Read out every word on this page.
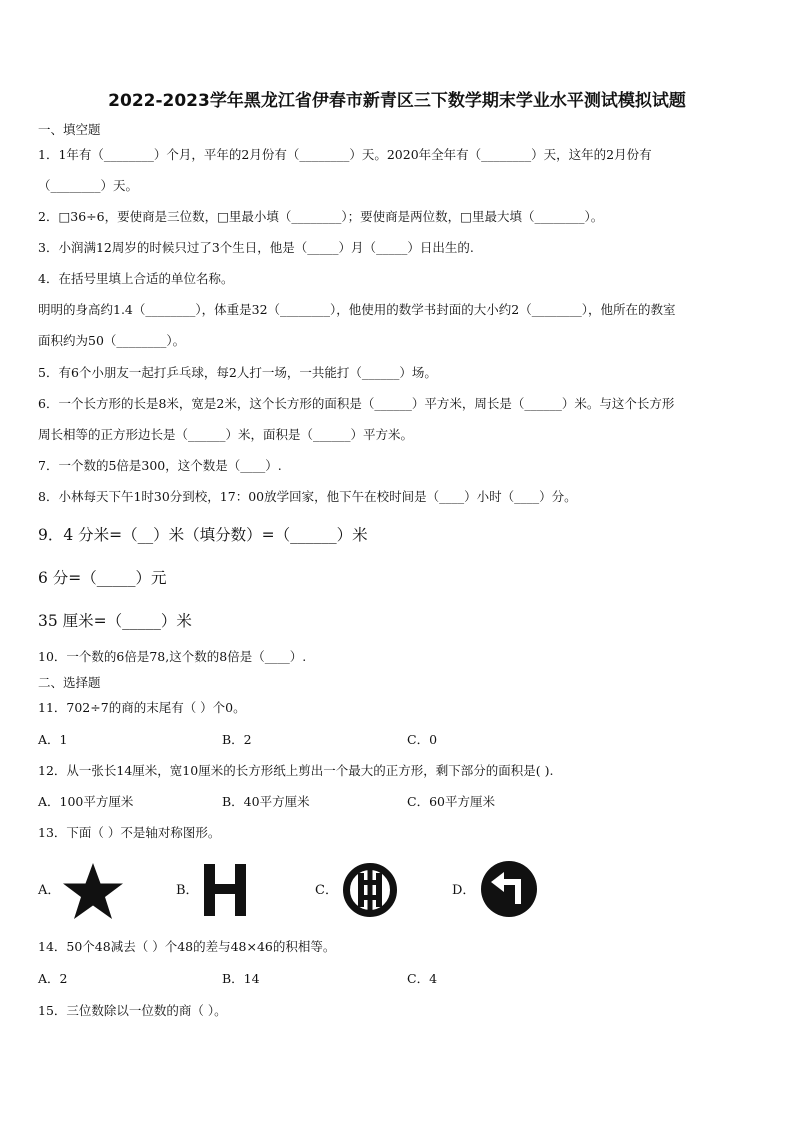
2022-2023学年黑龙江省伊春市新青区三下数学期末学业水平测试模拟试题
一、填空题
1．1年有（________）个月，平年的2月份有（________）天。2020年全年有（________）天，这年的2月份有
（________）天。
2．□36÷6，要使商是三位数，□里最小填（________）；要使商是两位数，□里最大填（________）。
3．小润满12周岁的时候只过了3个生日，他是（_____）月（_____）日出生的.
4．在括号里填上合适的单位名称。
明明的身高约1.4（________），体重是32（________），他使用的数学书封面的大小约2（________），他所在的教室
面积约为50（________）。
5．有6个小朋友一起打乒乓球，每2人打一场，一共能打（______）场。
6．一个长方形的长是8米，宽是2米，这个长方形的面积是（______）平方米，周长是（______）米。与这个长方形
周长相等的正方形边长是（______）米，面积是（______）平方米。
7．一个数的5倍是300，这个数是（____）.
8．小林每天下午1时30分到校，17：00放学回家，他下午在校时间是（____）小时（____）分。
9．4 分米=（__）米（填分数）=（______）米
6 分=（_____）元
35 厘米=（_____）米
10．一个数的6倍是78,这个数的8倍是（____）.
二、选择题
11．702÷7的商的末尾有（ ）个0。
A．1	B．2	C．0
12．从一张长14厘米，宽10厘米的长方形纸上剪出一个最大的正方形，剩下部分的面积是( ).
A．100平方厘米	B．40平方厘米	C．60平方厘米
13．下面（ ）不是轴对称图形。
A．	B．	C．	D．
14．50个48减去（ ）个48的差与48×46的积相等。
A．2	B．14	C．4
15．三位数除以一位数的商（ ）。
